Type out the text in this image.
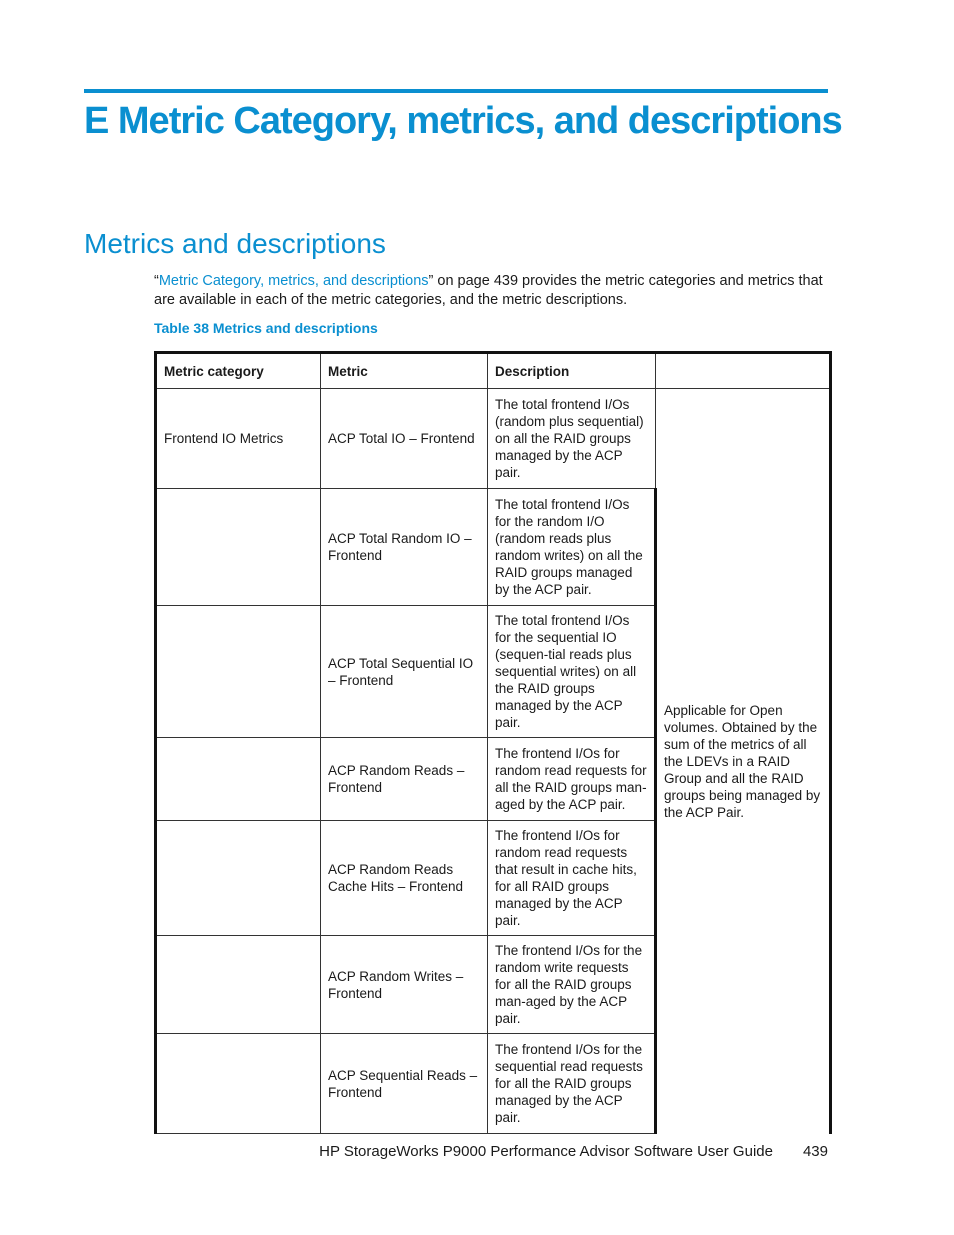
E Metric Category, metrics, and descriptions
Metrics and descriptions

“Metric Category, metrics, and descriptions” on page 439 provides the metric categories and metrics that are available in each of the metric categories, and the metric descriptions.

Table 38 Metrics and descriptions
Metric category	Metric	Description	
Frontend IO Metrics	ACP Total IO – Frontend	The total frontend I/Os (random plus sequential) on all the RAID groups managed by the ACP pair.	Applicable for Open volumes. Obtained by the sum of the metrics of all the LDEVs in a RAID Group and all the RAID groups being managed by the ACP Pair.
	ACP Total Random IO – Frontend	The total frontend I/Os for the random I/O (random reads plus random writes) on all the RAID groups managed by the ACP pair.	
	ACP Total Sequential IO – Frontend	The total frontend I/Os for the sequential IO (sequen-tial reads plus sequential writes) on all the RAID groups managed by the ACP pair.	
	ACP Random Reads – Frontend	The frontend I/Os for random read requests for all the RAID groups man-aged by the ACP pair.	
	ACP Random Reads Cache Hits – Frontend	The frontend I/Os for random read requests that result in cache hits, for all RAID groups managed by the ACP pair.	
	ACP Random Writes – Frontend	The frontend I/Os for the random write requests for all the RAID groups man-aged by the ACP pair.	
	ACP Sequential Reads – Frontend	The frontend I/Os for the sequential read requests for all the RAID groups managed by the ACP pair.	
HP StorageWorks P9000 Performance Advisor Software User Guide 439
